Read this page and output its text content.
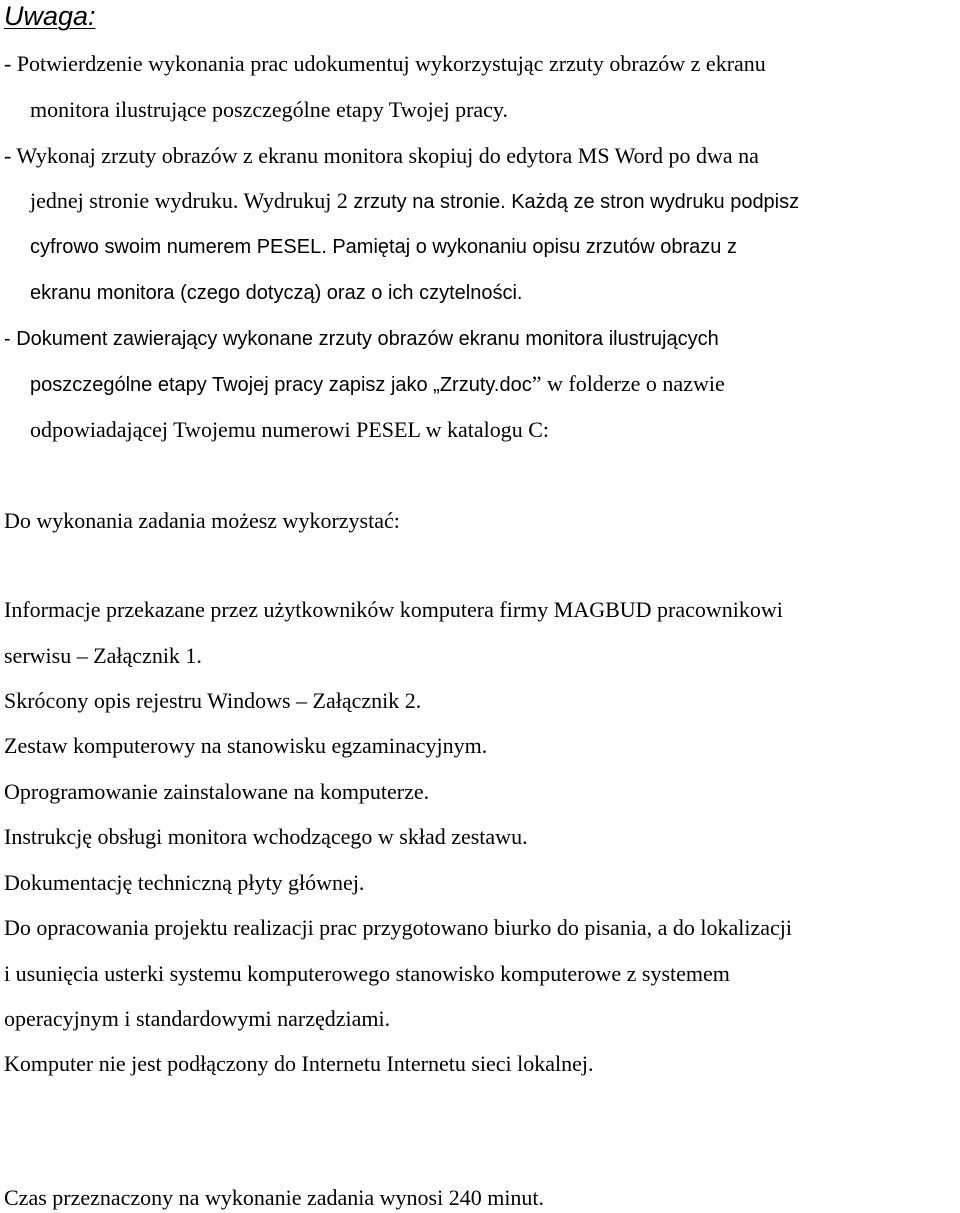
Uwaga:

- Potwierdzenie wykonania prac udokumentuj wykorzystując zrzuty obrazów z ekranu

monitora ilustrujące poszczególne etapy Twojej pracy.

- Wykonaj zrzuty obrazów z ekranu monitora skopiuj do edytora MS Word po dwa na

jednej stronie wydruku. Wydrukuj 2 zrzuty na stronie. Każdą ze stron wydruku podpisz

cyfrowo swoim numerem PESEL. Pamiętaj o wykonaniu opisu zrzutów obrazu z

ekranu monitora (czego dotyczą) oraz o ich czytelności.

- Dokument zawierający wykonane zrzuty obrazów ekranu monitora ilustrujących

poszczególne etapy Twojej pracy zapisz jako „Zrzuty.doc” w folderze o nazwie

odpowiadającej Twojemu numerowi PESEL w katalogu C:

Do wykonania zadania możesz wykorzystać:

Informacje przekazane przez użytkowników komputera firmy MAGBUD pracownikowi

serwisu – Załącznik 1.

Skrócony opis rejestru Windows – Załącznik 2.

Zestaw komputerowy na stanowisku egzaminacyjnym.

Oprogramowanie zainstalowane na komputerze.

Instrukcję obsługi monitora wchodzącego w skład zestawu.

Dokumentację techniczną płyty głównej.

Do opracowania projektu realizacji prac przygotowano biurko do pisania, a do lokalizacji

i usunięcia usterki systemu komputerowego stanowisko komputerowe z systemem

operacyjnym i standardowymi narzędziami.

Komputer nie jest podłączony do Internetu Internetu sieci lokalnej.

Czas przeznaczony na wykonanie zadania wynosi 240 minut.
